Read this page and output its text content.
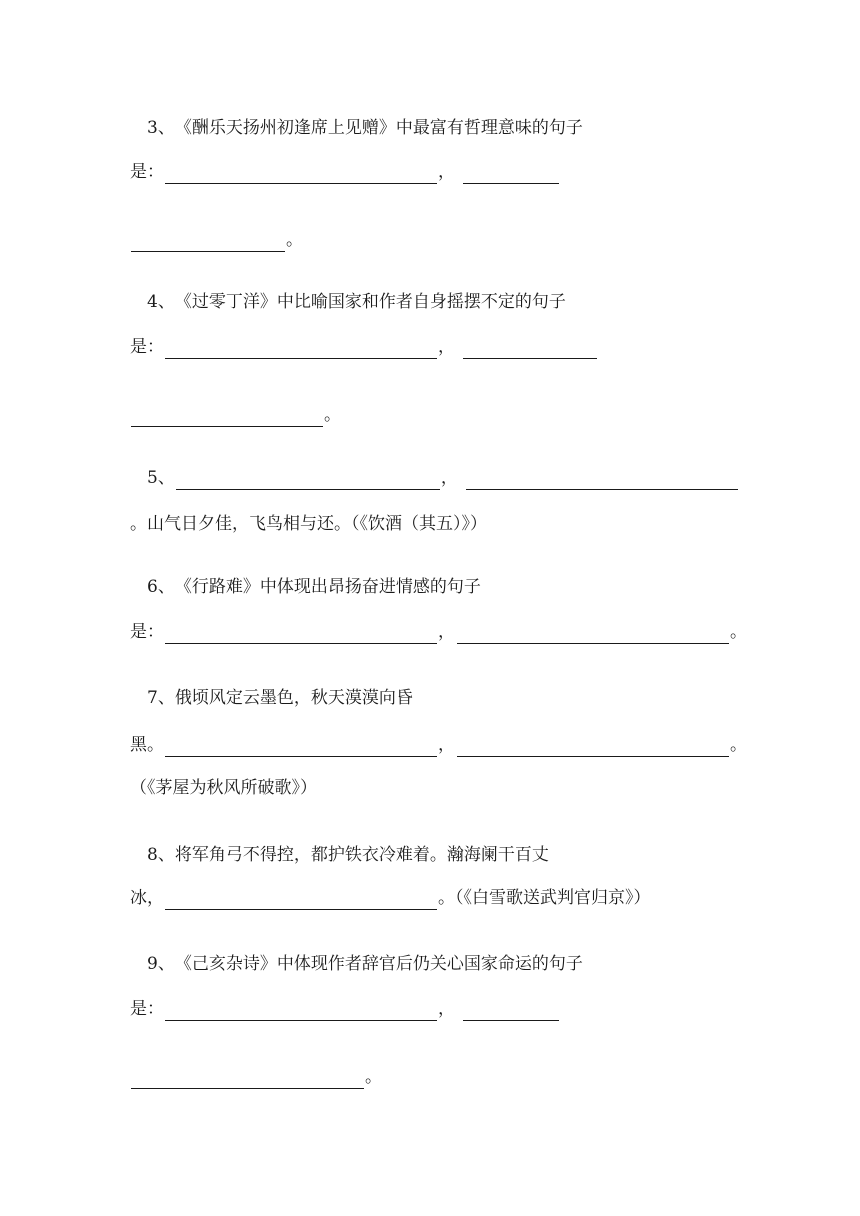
3、 《酬乐天扬州初逢席上见赠》中最富有哲理意味的句子
是：	，
。
4、 《过零丁洋》中比喻国家和作者自身摇摆不定的句子
是：	，
。
5、	，
。山气日夕佳，飞鸟相与还。（《饮酒（其五）》）
6、 《行路难》中体现出昂扬奋进情感的句子
是：	，	。
7、 俄顷风定云墨色，秋天漠漠向昏
黑。	，	。
（《茅屋为秋风所破歌》）
8、 将军角弓不得控，都护铁衣冷难着。瀚海阑干百丈
冰，	。（《白雪歌送武判官归京》）
9、 《己亥杂诗》中体现作者辞官后仍关心国家命运的句子
是：	，
。
